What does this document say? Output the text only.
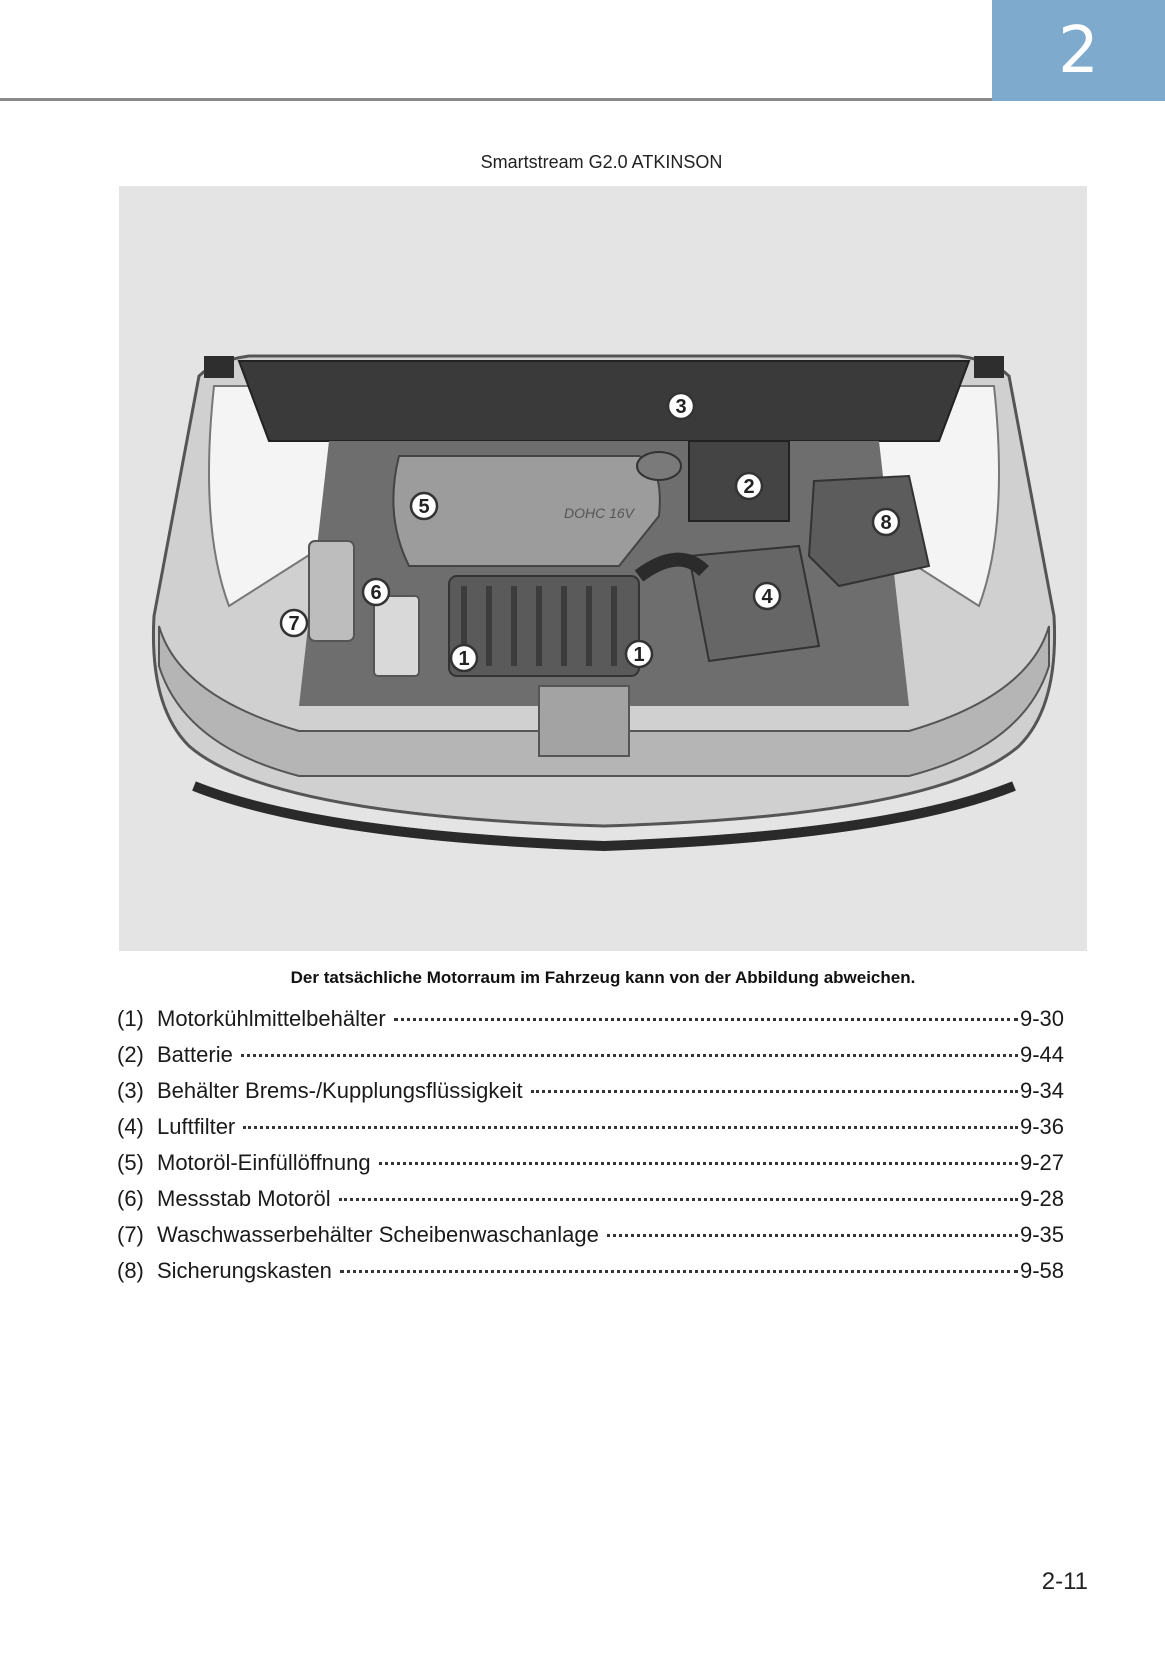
2
Smartstream G2.0 ATKINSON
DOHC 16V
1	1
2
3
4
5
6
7
8
Der tatsächliche Motorraum im Fahrzeug kann von der Abbildung abweichen.
(1) Motorkühlmittelbehälter	9-30
(2) Batterie	9-44
(3) Behälter Brems-/Kupplungsflüssigkeit	9-34
(4) Luftfilter	9-36
(5) Motoröl-Einfüllöffnung	9-27
(6) Messstab Motoröl	9-28
(7) Waschwasserbehälter Scheibenwaschanlage	9-35
(8) Sicherungskasten	9-58
2-11
